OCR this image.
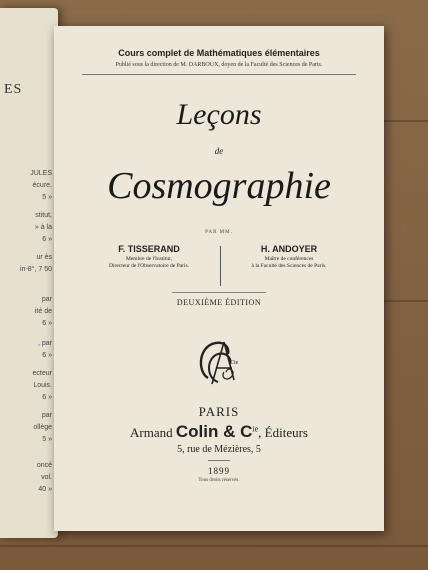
ES
JULES
écure.
5 »
stitut,
» à la
6 »
ur ès
in-8°, 7 50
par
ité de
6 »
, par
6 »
ecteur
Louis.
6 »
par
ollège
5 »
oncé
vol.
40 »
Cours complet de Mathématiques élémentaires
Publié sous la direction de M. DARBOUX, doyen de la Faculté des Sciences de Paris.
Leçons
de
Cosmographie
PAR MM.
F. TISSERAND
Membre de l'Institut,
Directeur de l'Observatoire de Paris.
H. ANDOYER
Maître de conférences
à la Faculté des Sciences de Paris.
DEUXIÈME ÉDITION
Cie
PARIS
Armand Colin & $C^{ie}$, Éditeurs
5, rue de Mézières, 5
1899
Tous droits réservés.
